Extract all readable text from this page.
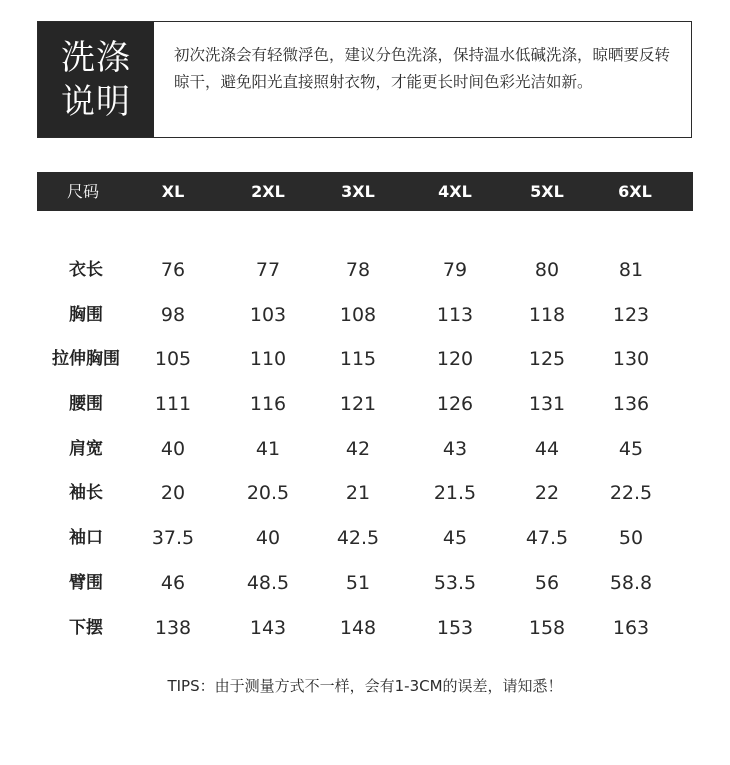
洗涤
说明
初次洗涤会有轻微浮色，建议分色洗涤，保持温水低碱洗涤，晾晒要反转晾干，避免阳光直接照射衣物，才能更长时间色彩光洁如新。
尺码	XL	2XL	3XL	4XL	5XL	6XL
衣长	76	77	78	79	80	81
胸围	98	103	108	113	118	123
拉伸胸围 105	110	115	120	125	130
腰围	111	116	121	126	131	136
肩宽	40	41	42	43	44	45
袖长	20	20.5	21	21.5	22	22.5
袖口	37.5	40	42.5	45	47.5	50
臂围	46	48.5	51	53.5	56	58.8
下摆	138	143	148	153	158	163
TIPS：由于测量方式不一样，会有1-3CM的误差，请知悉！
